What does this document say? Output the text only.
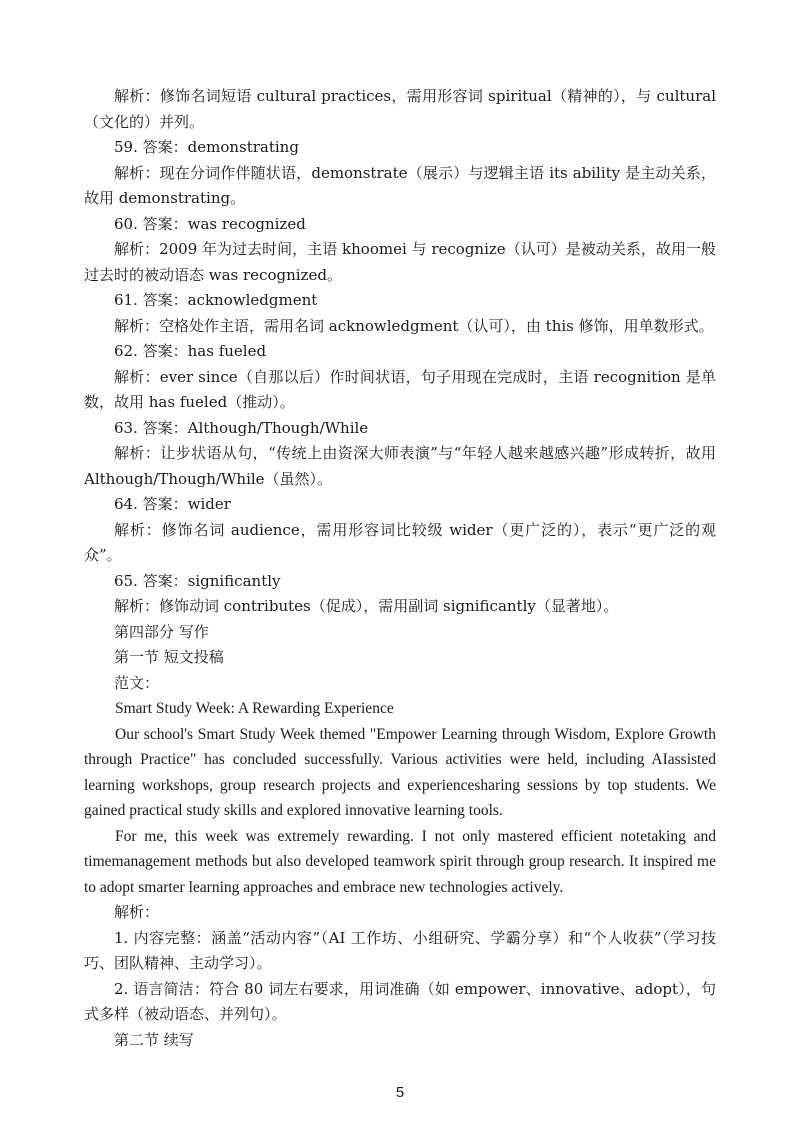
解析：修饰名词短语 cultural practices，需用形容词 spiritual（精神的），与 cultural（文化的）并列。

59. 答案：demonstrating

解析：现在分词作伴随状语，demonstrate（展示）与逻辑主语 its ability 是主动关系，故用 demonstrating。

60. 答案：was recognized

解析：2009 年为过去时间，主语 khoomei 与 recognize（认可）是被动关系，故用一般过去时的被动语态 was recognized。

61. 答案：acknowledgment

解析：空格处作主语，需用名词 acknowledgment（认可），由 this 修饰，用单数形式。

62. 答案：has fueled

解析：ever since（自那以后）作时间状语，句子用现在完成时，主语 recognition 是单数，故用 has fueled（推动）。

63. 答案：Although/Though/While

解析：让步状语从句，“传统上由资深大师表演”与“年轻人越来越感兴趣”形成转折，故用 Although/Though/While（虽然）。

64. 答案：wider

解析：修饰名词 audience，需用形容词比较级 wider（更广泛的），表示“更广泛的观众”。

65. 答案：significantly

解析：修饰动词 contributes（促成），需用副词 significantly（显著地）。

第四部分 写作

第一节 短文投稿

范文：

Smart Study Week: A Rewarding Experience

Our school's Smart Study Week themed "Empower Learning through Wisdom, Explore Growth through Practice" has concluded successfully. Various activities were held, including AIassisted learning workshops, group research projects and experiencesharing sessions by top students. We gained practical study skills and explored innovative learning tools.

For me, this week was extremely rewarding. I not only mastered efficient notetaking and timemanagement methods but also developed teamwork spirit through group research. It inspired me to adopt smarter learning approaches and embrace new technologies actively.

解析：

1. 内容完整：涵盖“活动内容”（AI 工作坊、小组研究、学霸分享）和“个人收获”（学习技巧、团队精神、主动学习）。

2. 语言简洁：符合 80 词左右要求，用词准确（如 empower、innovative、adopt），句式多样（被动语态、并列句）。

第二节 续写

5
